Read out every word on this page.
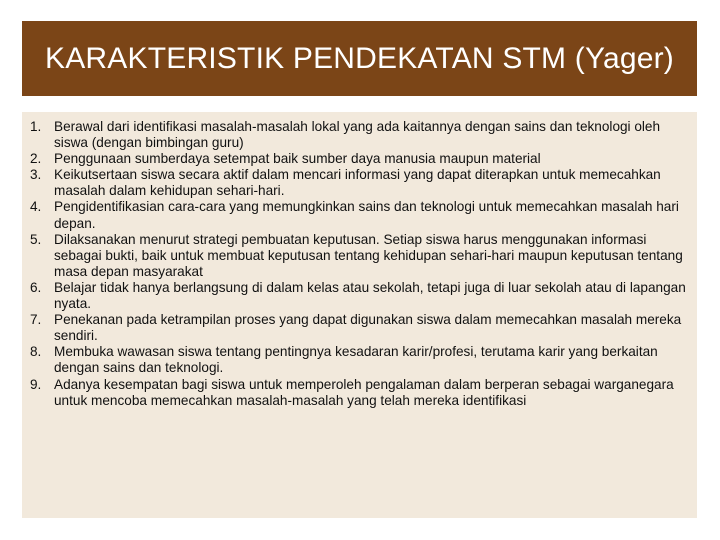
KARAKTERISTIK PENDEKATAN STM (Yager)
1. Berawal dari identifikasi masalah-masalah lokal yang ada kaitannya dengan sains dan teknologi oleh siswa (dengan bimbingan guru)
2. Penggunaan sumberdaya setempat baik sumber daya manusia maupun material
3. Keikutsertaan siswa secara aktif dalam mencari informasi yang dapat diterapkan untuk memecahkan masalah dalam kehidupan sehari-hari.
4. Pengidentifikasian cara-cara yang memungkinkan sains dan teknologi untuk memecahkan masalah hari depan.
5. Dilaksanakan menurut strategi pembuatan keputusan. Setiap siswa harus menggunakan informasi sebagai bukti, baik untuk membuat keputusan tentang kehidupan sehari-hari maupun keputusan tentang masa depan masyarakat
6. Belajar tidak hanya berlangsung di dalam kelas atau sekolah, tetapi juga di luar sekolah atau di lapangan nyata.
7. Penekanan pada ketrampilan proses yang dapat digunakan siswa dalam memecahkan masalah mereka sendiri.
8. Membuka wawasan siswa tentang pentingnya kesadaran karir/profesi, terutama karir yang berkaitan dengan sains dan teknologi.
9. Adanya kesempatan bagi siswa untuk memperoleh pengalaman dalam berperan sebagai warganegara untuk mencoba memecahkan masalah-masalah yang telah mereka identifikasi
